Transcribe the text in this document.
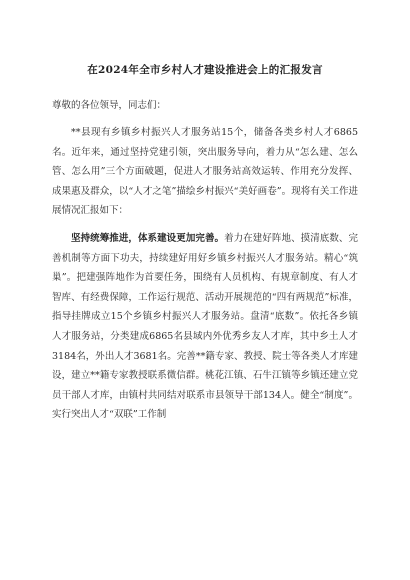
在2024年全市乡村人才建设推进会上的汇报发言
尊敬的各位领导，同志们：

**县现有乡镇乡村振兴人才服务站15个，储备各类乡村人才6865名。近年来，通过坚持党建引领，突出服务导向，着力从“怎么建、怎么管、怎么用”三个方面破题，促进人才服务站高效运转、作用充分发挥、成果惠及群众，以“人才之笔”描绘乡村振兴“美好画卷”。现将有关工作进展情况汇报如下：

坚持统筹推进，体系建设更加完善。着力在建好阵地、摸清底数、完善机制等方面下功夫，持续建好用好乡镇乡村振兴人才服务站。精心“筑巢”。把建强阵地作为首要任务，围绕有人员机构、有规章制度、有人才智库、有经费保障，工作运行规范、活动开展规范的“四有两规范”标准，指导挂牌成立15个乡镇乡村振兴人才服务站。盘清“底数”。依托各乡镇人才服务站，分类建成6865名县域内外优秀乡友人才库，其中乡土人才3184名，外出人才3681名。完善**籍专家、教授、院士等各类人才库建设，建立**籍专家教授联系微信群。桃花江镇、石牛江镇等乡镇还建立党员干部人才库，由镇村共同结对联系市县领导干部134人。健全“制度”。实行突出人才“双联”工作制
